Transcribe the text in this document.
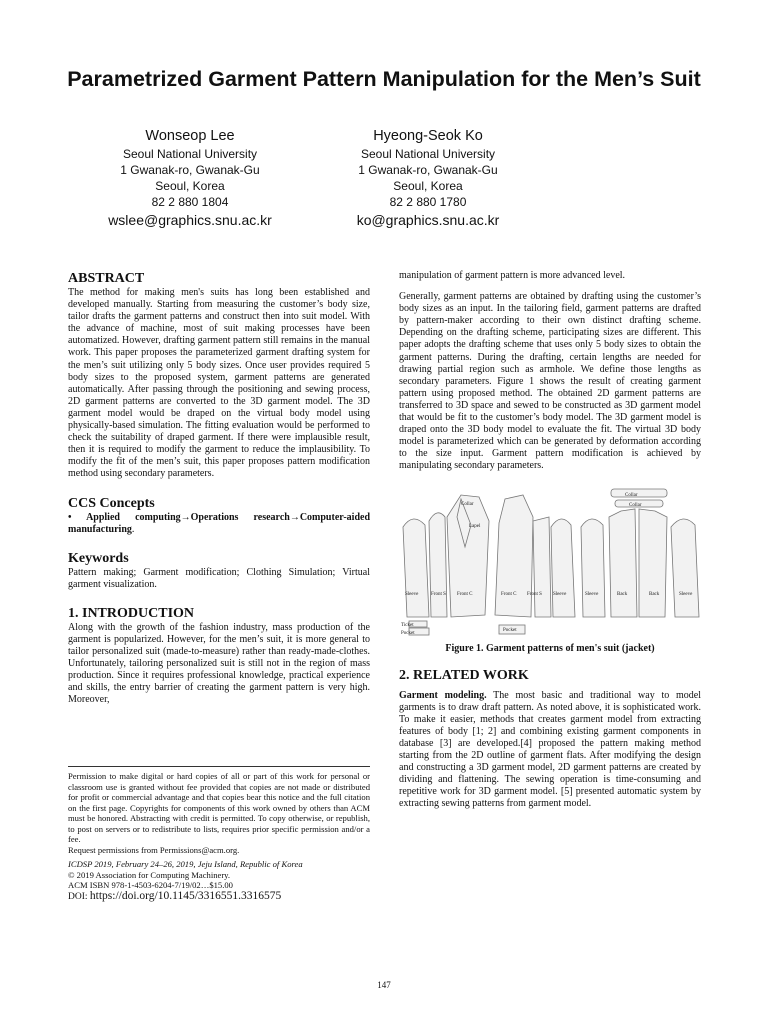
Parametrized Garment Pattern Manipulation for the Men’s Suit
Wonseop Lee
Seoul National University
1 Gwanak-ro, Gwanak-Gu
Seoul, Korea
82 2 880 1804
wslee@graphics.snu.ac.kr
Hyeong-Seok Ko
Seoul National University
1 Gwanak-ro, Gwanak-Gu
Seoul, Korea
82 2 880 1780
ko@graphics.snu.ac.kr
ABSTRACT

The method for making men's suits has long been established and developed manually. Starting from measuring the customer’s body size, tailor drafts the garment patterns and construct then into suit model. With the advance of machine, most of suit making processes have been automatized. However, drafting garment pattern still remains in the manual work. This paper proposes the parameterized garment drafting system for the men’s suit utilizing only 5 body sizes. Once user provides required 5 body sizes to the proposed system, garment patterns are generated automatically. After passing through the positioning and sewing process, 2D garment patterns are converted to the 3D garment model. The 3D garment model would be draped on the virtual body model using physically-based simulation. The fitting evaluation would be performed to check the suitability of draped garment. If there were implausible result, then it is required to modify the garment to reduce the implausibility. To modify the fit of the men’s suit, this paper proposes pattern modification method using secondary parameters.

CCS Concepts

• Applied computing→Operations research→Computer-aided manufacturing.

Keywords

Pattern making; Garment modification; Clothing Simulation; Virtual garment visualization.

1. INTRODUCTION

Along with the growth of the fashion industry, mass production of the garment is popularized. However, for the men’s suit, it is more general to tailor personalized suit (made-to-measure) rather than ready-made-clothes. Unfortunately, tailoring personalized suit is still not in the region of mass production. Since it requires professional knowledge, practical experience and skills, the entry barrier of creating the garment pattern is very high. Moreover,

Permission to make digital or hard copies of all or part of this work for personal or classroom use is granted without fee provided that copies are not made or distributed for profit or commercial advantage and that copies bear this notice and the full citation on the first page. Copyrights for components of this work owned by others than ACM must be honored. Abstracting with credit is permitted. To copy otherwise, or republish, to post on servers or to redistribute to lists, requires prior specific permission and/or a fee.

Request permissions from Permissions@acm.org.

ICDSP 2019, February 24–26, 2019, Jeju Island, Republic of Korea

© 2019 Association for Computing Machinery.

ACM ISBN 978-1-4503-6204-7/19/02…$15.00

DOI: https://doi.org/10.1145/3316551.3316575

manipulation of garment pattern is more advanced level.

Generally, garment patterns are obtained by drafting using the customer’s body sizes as an input. In the tailoring field, garment patterns are drafted by pattern-maker according to their own distinct drafting scheme. Depending on the drafting scheme, participating sizes are different. This paper adopts the drafting scheme that uses only 5 body sizes to obtain the garment patterns. During the drafting, certain lengths are needed for drawing partial region such as armhole. We define those lengths as secondary parameters. Figure 1 shows the result of creating garment pattern using proposed method. The obtained 2D garment patterns are transferred to 3D space and sewed to be constructed as 3D garment model that would be fit to the customer’s body model. The 3D garment model is draped onto the 3D body model to evaluate the fit. The virtual 3D body model is parameterized which can be generated by deformation according to the size input. Garment pattern modification is achieved by manipulating secondary parameters.

Collar
Collar
Collar
Lapel
Sleeve	Front S Front C	Front C Front S Sleeve	Sleeve	Back	Back	Sleeve
Ticket
Pocket
Pocket
Figure 1. Garment patterns of men's suit (jacket)
2. RELATED WORK

Garment modeling. The most basic and traditional way to model garments is to draw draft pattern. As noted above, it is sophisticated work. To make it easier, methods that creates garment model from extracting features of body [1; 2] and combining existing garment components in database [3] are developed.[4] proposed the pattern making method starting from the 2D outline of garment flats. After modifying the design and constructing a 3D garment model, 2D garment patterns are created by dividing and flattening. The sewing operation is time-consuming and repetitive work for 3D garment model. [5] presented automatic system by extracting sewing patterns from garment model.

147
